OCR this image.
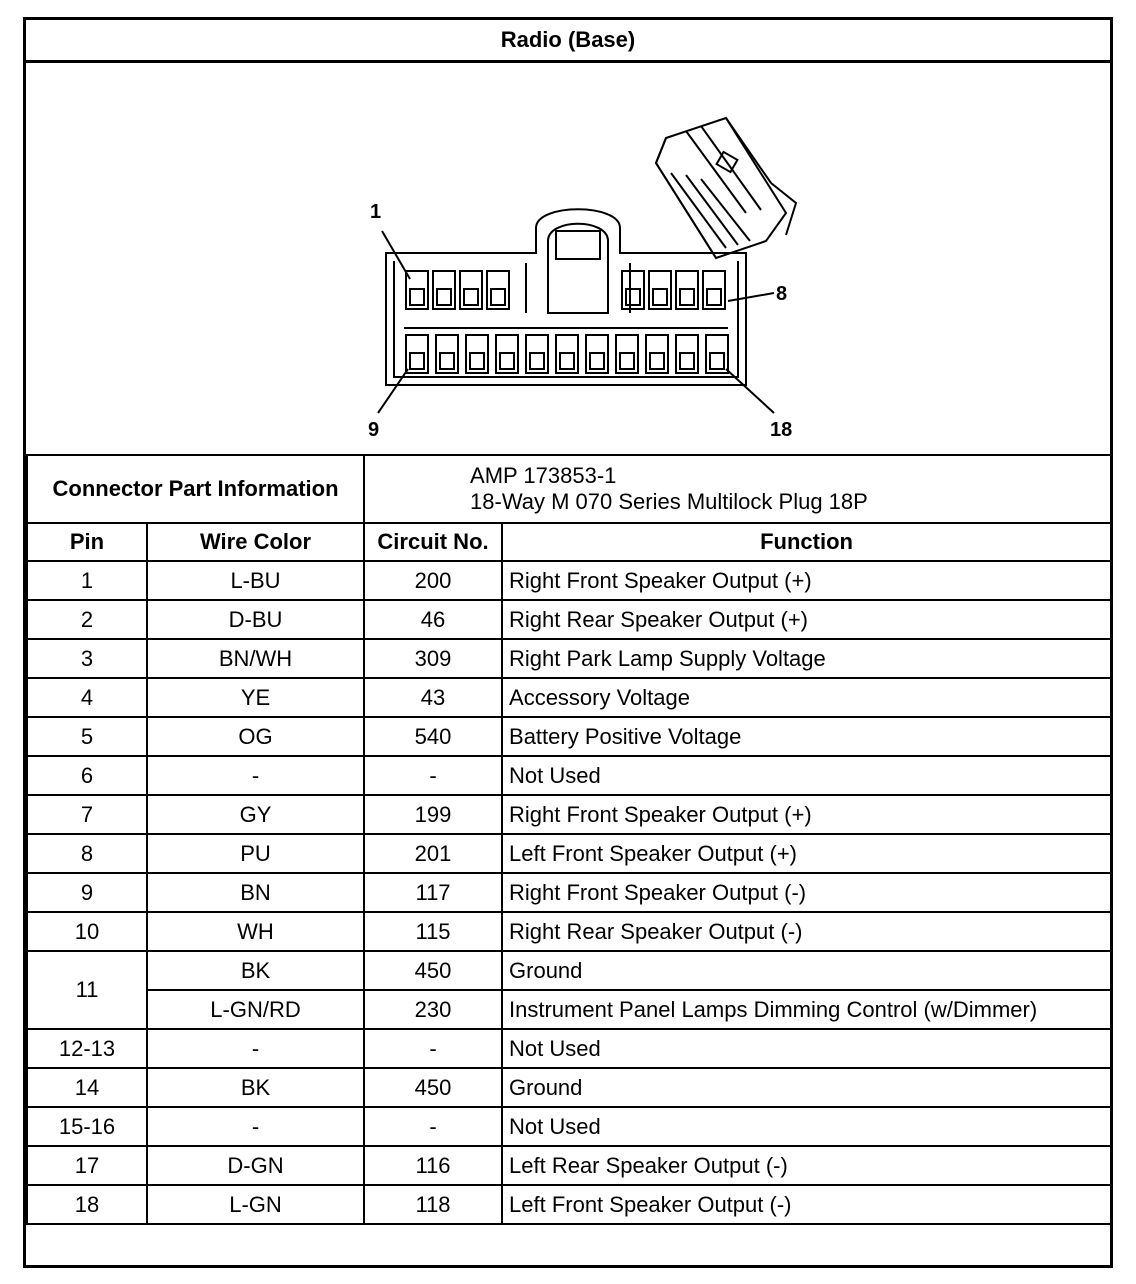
Radio (Base)
1
8
9	18
Connector Part Information		AMP 173853-1
18-Way M 070 Series Multilock Plug 18P	

Pin	Wire Color	Circuit No.	Function
1	L-BU	200	Right Front Speaker Output (+)
2	D-BU	46	Right Rear Speaker Output (+)
3	BN/WH	309	Right Park Lamp Supply Voltage
4	YE	43	Accessory Voltage
5	OG	540	Battery Positive Voltage
6	-	-	Not Used
7	GY	199	Right Front Speaker Output (+)
8	PU	201	Left Front Speaker Output (+)
9	BN	117	Right Front Speaker Output (-)
10	WH	115	Right Rear Speaker Output (-)
11	BK	450	Ground
	L-GN/RD	230	Instrument Panel Lamps Dimming Control (w/Dimmer)
12-13	-	-	Not Used
14	BK	450	Ground
15-16	-	-	Not Used
17	D-GN	116	Left Rear Speaker Output (-)
18	L-GN	118	Left Front Speaker Output (-)
